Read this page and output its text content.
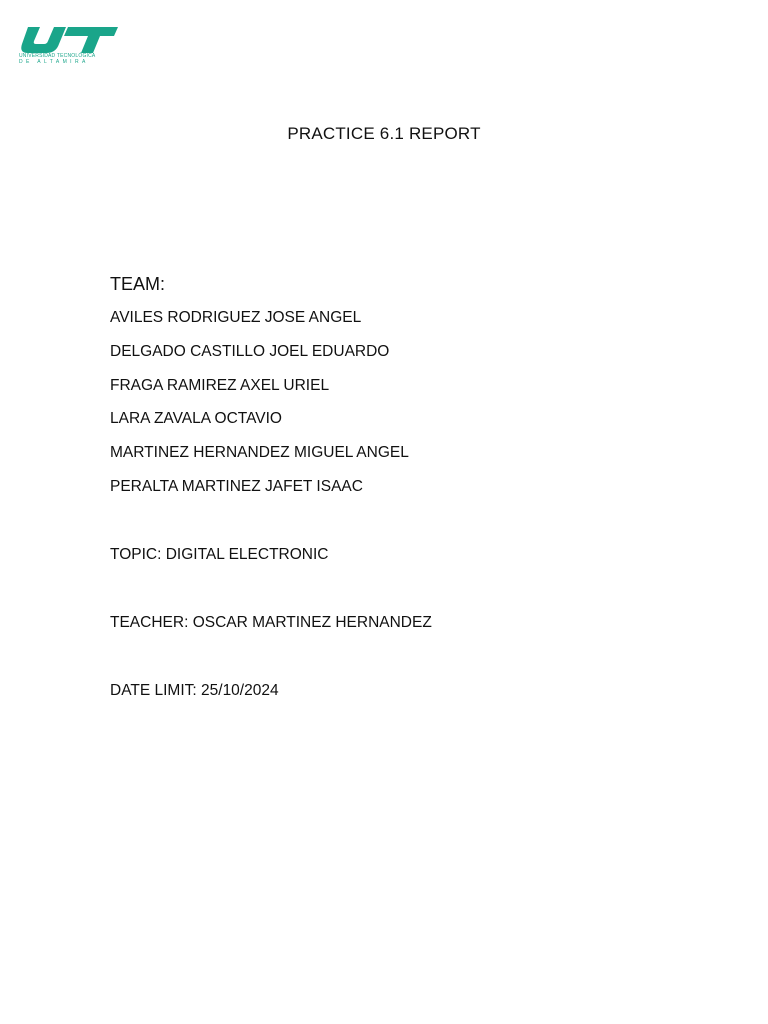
UNIVERSIDAD TECNOLÓGICA
DE ALTAMIRA
PRACTICE 6.1 REPORT
TEAM:
AVILES RODRIGUEZ JOSE ANGEL
DELGADO CASTILLO JOEL EDUARDO
FRAGA RAMIREZ AXEL URIEL
LARA ZAVALA OCTAVIO
MARTINEZ HERNANDEZ MIGUEL ANGEL
PERALTA MARTINEZ JAFET ISAAC
TOPIC: DIGITAL ELECTRONIC
TEACHER: OSCAR MARTINEZ HERNANDEZ
DATE LIMIT: 25/10/2024
